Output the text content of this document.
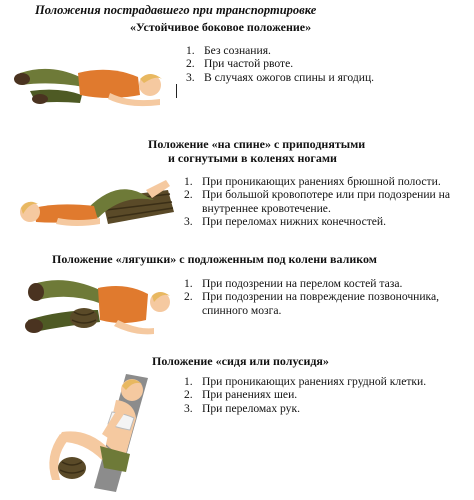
Положения пострадавшего при транспортировке
«Устойчивое боковое положение»
1. Без сознания.
2. При частой рвоте.
3. В случаях ожогов спины и ягодиц.
Положение «на спине» с приподнятыми
и согнутыми в коленях ногами
1. При проникающих ранениях брюшной полости.
2. При большой кровопотере или при подозрении на внутреннее кровотечение.
3. При переломах нижних конечностей.
Положение «лягушки» с подложенным под колени валиком
1. При подозрении на перелом костей таза.
2. При подозрении на повреждение позвоночника, спинного мозга.
Положение «сидя или полусидя»
1. При проникающих ранениях грудной клетки.
2. При ранениях шеи.
3. При переломах рук.
